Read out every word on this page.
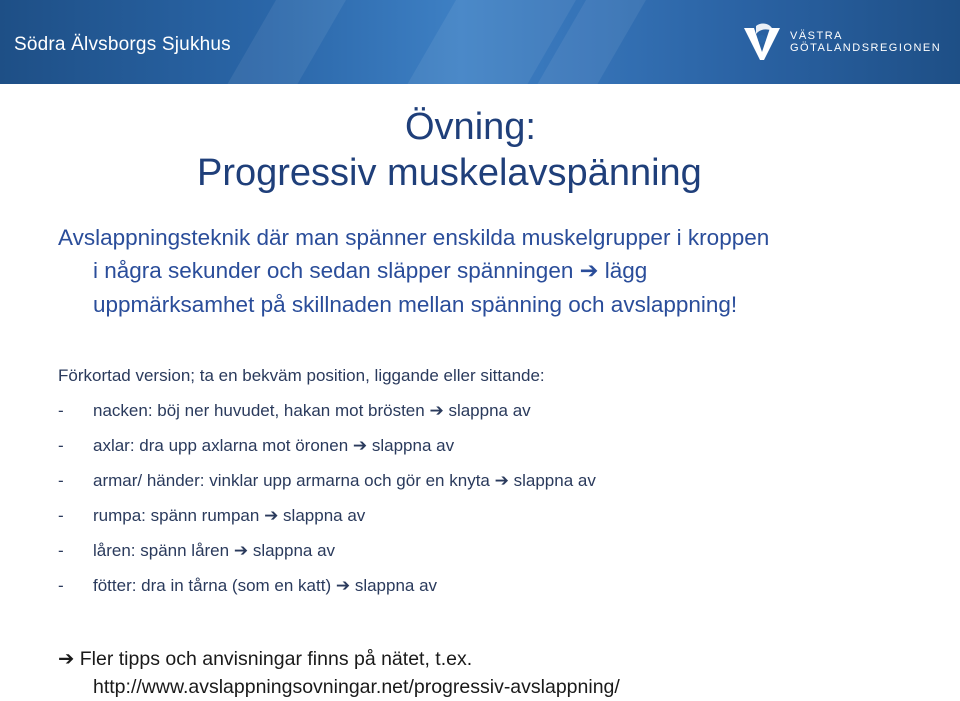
Södra Älvsborgs Sjukhus	VÄSTRA
GÖTALANDSREGIONEN
Övning:
Progressiv muskelavspänning
Avslappningsteknik där man spänner enskilda muskelgrupper i kroppen
i några sekunder och sedan släpper spänningen ➔ lägg
uppmärksamhet på skillnaden mellan spänning och avslappning!
Förkortad version; ta en bekväm position, liggande eller sittande:
- nacken: böj ner huvudet, hakan mot brösten ➔ slappna av
- axlar: dra upp axlarna mot öronen ➔ slappna av
- armar/ händer: vinklar upp armarna och gör en knyta ➔ slappna av
- rumpa: spänn rumpan ➔ slappna av
- låren: spänn låren ➔ slappna av
- fötter: dra in tårna (som en katt) ➔ slappna av
➔ Fler tipps och anvisningar finns på nätet, t.ex.
http://www.avslappningsovningar.net/progressiv-avslappning/
